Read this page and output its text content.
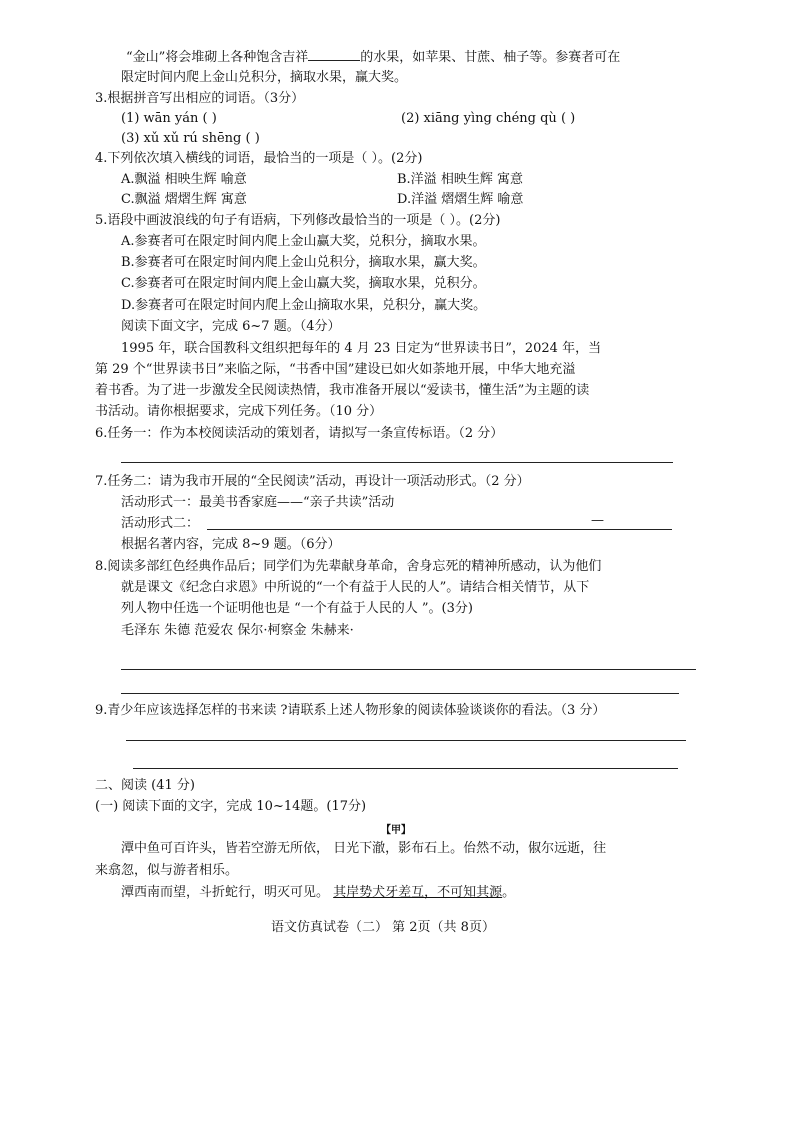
“金山”将会堆砌上各种饱含吉祥	的水果，如苹果、甘蔗、柚子等。参赛者可在
限定时间内爬上金山兑积分，摘取水果，赢大奖。
3.根据拼音写出相应的词语。（3分）
(1) wān yán ( )	(2) xiāng yìng chéng qù ( )
(3) xǔ xǔ rú shēng ( )
4.下列依次填入横线的词语，最恰当的一项是（ ）。(2分)
A.飘溢 相映生辉 喻意	B.洋溢 相映生辉 寓意
C.飘溢 熠熠生辉 寓意	D.洋溢 熠熠生辉 喻意
5.语段中画波浪线的句子有语病，下列修改最恰当的一项是（ ）。(2分)
A.参赛者可在限定时间内爬上金山赢大奖，兑积分，摘取水果。
B.参赛者可在限定时间内爬上金山兑积分，摘取水果，赢大奖。
C.参赛者可在限定时间内爬上金山赢大奖，摘取水果，兑积分。
D.参赛者可在限定时间内爬上金山摘取水果，兑积分，赢大奖。
阅读下面文字，完成 6~7 题。（4分）
1995 年，联合国教科文组织把每年的 4 月 23 日定为“世界读书日”，2024 年，当
第 29 个“世界读书日”来临之际，“书香中国”建设已如火如荼地开展，中华大地充溢
着书香。为了进一步激发全民阅读热情，我市准备开展以“爱读书，懂生活”为主题的读
书活动。请你根据要求，完成下列任务。（10 分）
6.任务一：作为本校阅读活动的策划者，请拟写一条宣传标语。（2 分）
7.任务二：请为我市开展的“全民阅读”活动，再设计一项活动形式。（2 分）
活动形式一：最美书香家庭——“亲子共读”活动
活动形式二：	—
根据名著内容，完成 8~9 题。（6分）
8.阅读多部红色经典作品后；同学们为先辈献身革命，舍身忘死的精神所感动，认为他们
就是课文《纪念白求恩》中所说的“一个有益于人民的人”。请结合相关情节，从下
列人物中任选一个证明他也是 “一个有益于人民的人 ”。(3分)
毛泽东 朱德 范爱农 保尔·柯察金 朱赫来·
9.青少年应该选择怎样的书来读 ?请联系上述人物形象的阅读体验谈谈你的看法。（3 分）
二、阅读 (41 分)
(一) 阅读下面的文字，完成 10~14题。(17分)
【甲】
潭中鱼可百许头，皆若空游无所依， 日光下澈，影布石上。佁然不动，俶尔远逝，往
来翕忽，似与游者相乐。
潭西南而望，斗折蛇行，明灭可见。 其岸势犬牙差互，不可知其源。
语文仿真试卷（二） 第 2页（共 8页）
